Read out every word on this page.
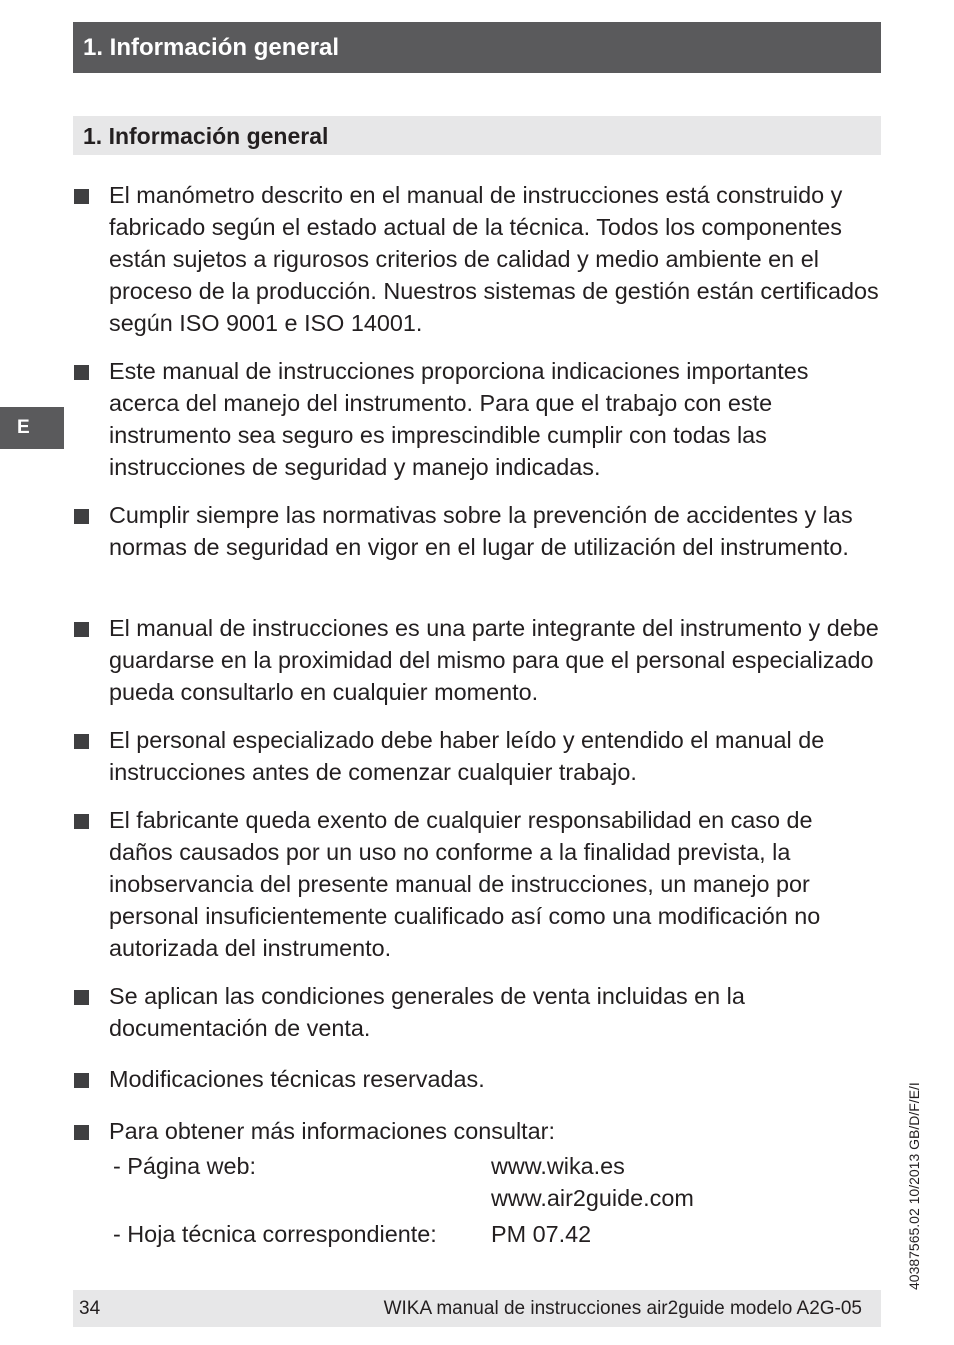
1. Información general
1. Información general
E
El manómetro descrito en el manual de instrucciones está construido y fabricado según el estado actual de la técnica. Todos los componentes están sujetos a rigurosos criterios de calidad y medio ambiente en el proceso de la producción. Nuestros sistemas de gestión están certificados según ISO 9001 e ISO 14001.
Este manual de instrucciones proporciona indicaciones importantes acerca del manejo del instrumento. Para que el trabajo con este instrumento sea seguro es imprescindible cumplir con todas las instrucciones de seguridad y manejo indicadas.
Cumplir siempre las normativas sobre la prevención de accidentes y las normas de seguridad en vigor en el lugar de utilización del instrumento.
El manual de instrucciones es una parte integrante del instrumento y debe guardarse en la proximidad del mismo para que el personal especializado pueda consultarlo en cualquier momento.
El personal especializado debe haber leído y entendido el manual de instrucciones antes de comenzar cualquier trabajo.
El fabricante queda exento de cualquier responsabilidad en caso de daños causados por un uso no conforme a la finalidad prevista, la inobservancia del presente manual de instrucciones, un manejo por personal insuficientemente cualificado así como una modificación no autorizada del instrumento.
Se aplican las condiciones generales de venta incluidas en la documentación de venta.
Modificaciones técnicas reservadas.
Para obtener más informaciones consultar:
- Página web:	www.wika.es
www.air2guide.com
- Hoja técnica correspondiente: PM 07.42	40387565.02 10/2013 GB/D/F/E/I
34	WIKA manual de instrucciones air2guide modelo A2G-05
